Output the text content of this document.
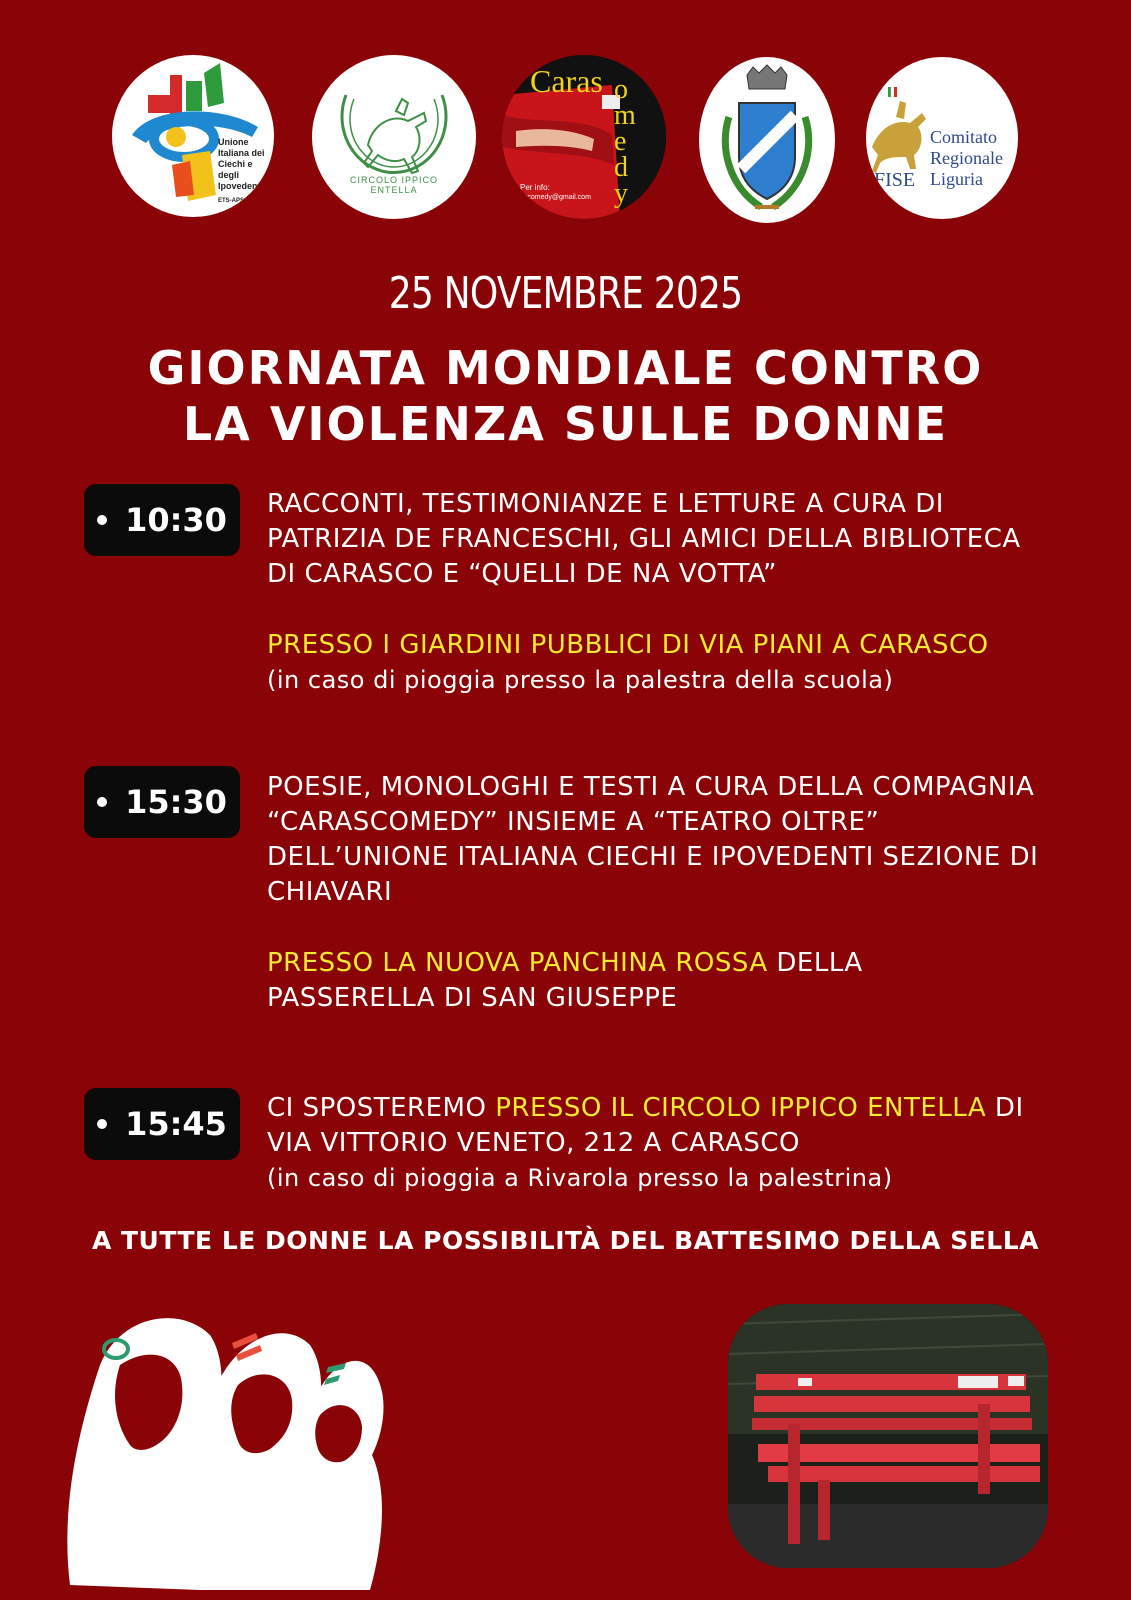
Unione
Italiana dei
Ciechi e degli
Ipovedenti
ETS-APS
CIRCOLO IPPICO ENTELLA
Caras omedy
Per info:
ascomedy@gmail.com
CARASCO
FISE
Comitato
Regionale
Liguria
25 NOVEMBRE 2025
GIORNATA MONDIALE CONTRO
LA VIOLENZA SULLE DONNE
10:30 RACCONTI, TESTIMONIANZE E LETTURE A CURA DI
PATRIZIA DE FRANCESCHI, GLI AMICI DELLA BIBLIOTECA
DI CARASCO E “QUELLI DE NA VOTTA”
PRESSO I GIARDINI PUBBLICI DI VIA PIANI A CARASCO
(in caso di pioggia presso la palestra della scuola)
15:30 POESIE, MONOLOGHI E TESTI A CURA DELLA COMPAGNIA
“CARASCOMEDY” INSIEME A “TEATRO OLTRE”
DELL’UNIONE ITALIANA CIECHI E IPOVEDENTI SEZIONE DI
CHIAVARI
PRESSO LA NUOVA PANCHINA ROSSA DELLA
PASSERELLA DI SAN GIUSEPPE
15:45 CI SPOSTEREMO PRESSO IL CIRCOLO IPPICO ENTELLA DI
VIA VITTORIO VENETO, 212 A CARASCO
(in caso di pioggia a Rivarola presso la palestrina)
A TUTTE LE DONNE LA POSSIBILITÀ DEL BATTESIMO DELLA SELLA
